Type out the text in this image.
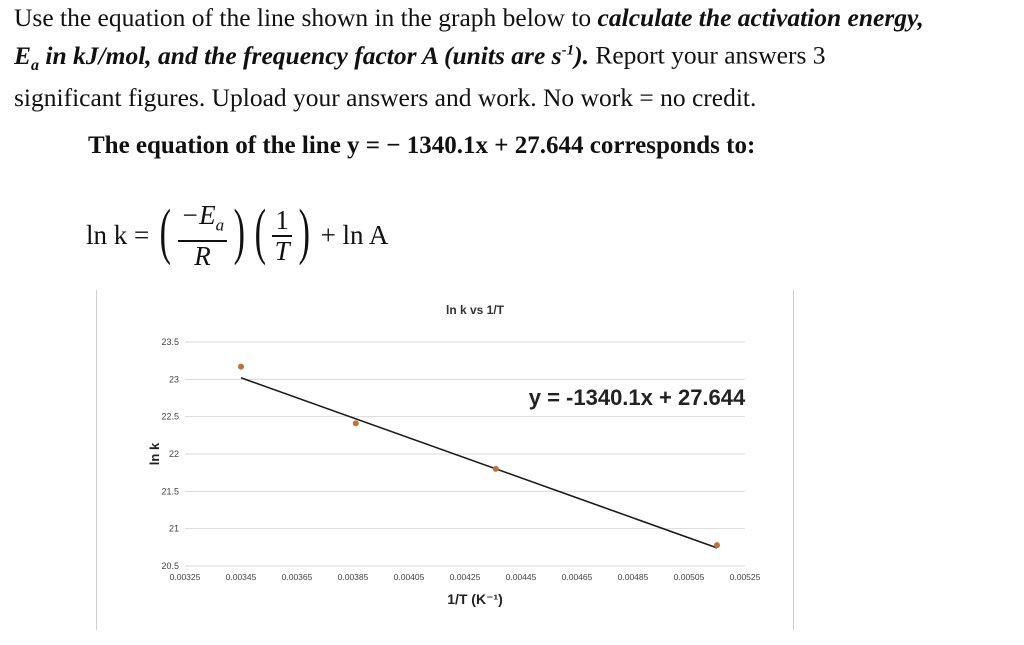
Use the equation of the line shown in the graph below to calculate the activation energy,
$E_a$ in kJ/mol, and the frequency factor A (units are $s^{-1}$). Report your answers 3
significant figures. Upload your answers and work. No work = no credit.
The equation of the line y = − 1340.1x + 27.644 corresponds to:
ln k = ( $\frac{-E_a}{R}$ ) ( $\frac{1}{T}$ ) + ln A
ln k vs 1/T
23.5
23
22.5
22
21.5
21
20.5
0.00325	0.00345	0.00365	0.00385	0.00405	0.00425	0.00445	0.00465	0.00485	0.00505	0.00525
ln k
1/T (K⁻¹)
y = -1340.1x + 27.644
